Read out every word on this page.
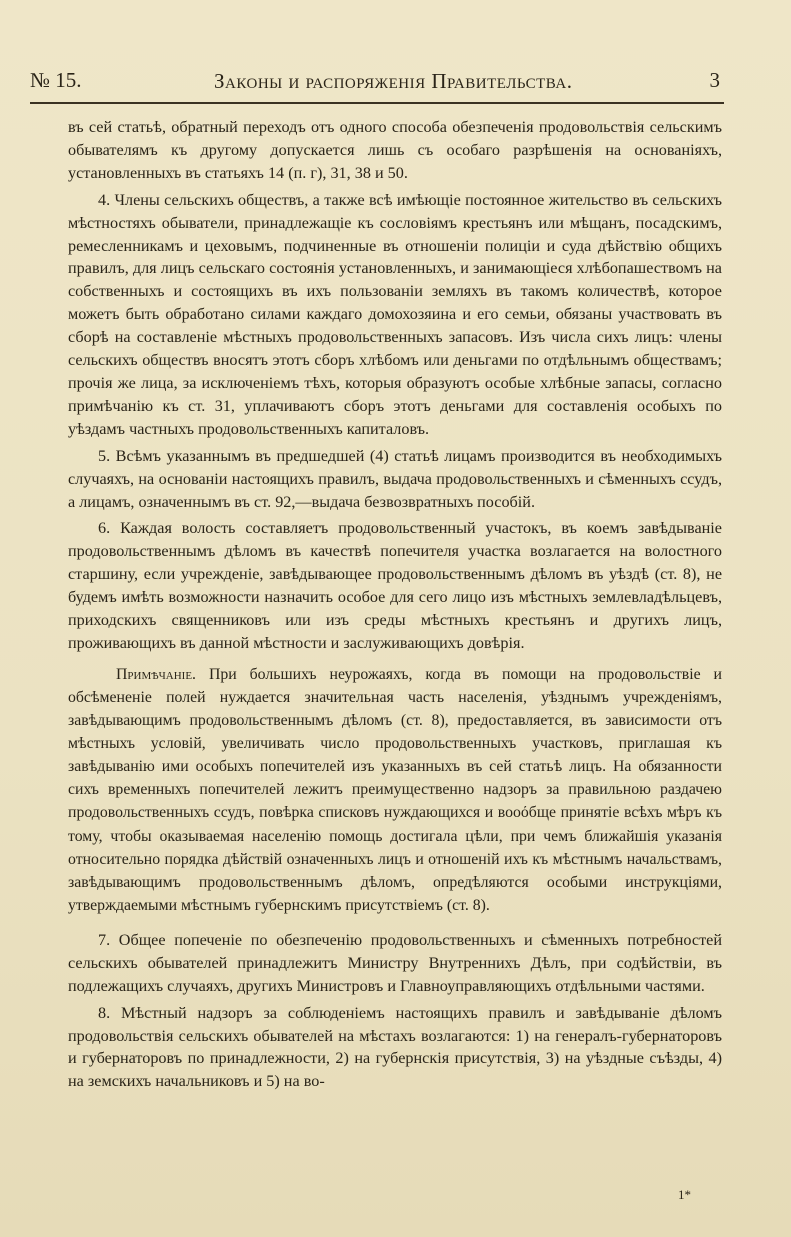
№ 15.	Законы и распоряженія Правительства.	3

въ сей статьѣ, обратный переходъ отъ одного способа обезпеченія продовольствія сельскимъ обывателямъ къ другому допускается лишь съ особаго разрѣшенія на основаніяхъ, установленныхъ въ статьяхъ 14 (п. г), 31, 38 и 50.

4. Члены сельскихъ обществъ, а также всѣ имѣющіе постоянное жительство въ сельскихъ мѣстностяхъ обыватели, принадлежащіе къ сословіямъ крестьянъ или мѣщанъ, посадскимъ, ремесленникамъ и цеховымъ, подчиненные въ отношеніи полиціи и суда дѣйствію общихъ правилъ, для лицъ сельскаго состоянія установленныхъ, и занимающіеся хлѣбопашествомъ на собственныхъ и состоящихъ въ ихъ пользованіи земляхъ въ такомъ количествѣ, которое можетъ быть обработано силами каждаго домохозяина и его семьи, обязаны участвовать въ сборѣ на составленіе мѣстныхъ продовольственныхъ запасовъ. Изъ числа сихъ лицъ: члены сельскихъ обществъ вносятъ этотъ сборъ хлѣбомъ или деньгами по отдѣльнымъ обществамъ; прочія же лица, за исключеніемъ тѣхъ, которыя образуютъ особые хлѣбные запасы, согласно примѣчанію къ ст. 31, уплачиваютъ сборъ этотъ деньгами для составленія особыхъ по уѣздамъ частныхъ продовольственныхъ капиталовъ.

5. Всѣмъ указаннымъ въ предшедшей (4) статьѣ лицамъ производится въ необходимыхъ случаяхъ, на основаніи настоящихъ правилъ, выдача продовольственныхъ и сѣменныхъ ссудъ, а лицамъ, означеннымъ въ ст. 92,—выдача безвозвратныхъ пособій.

6. Каждая волость составляетъ продовольственный участокъ, въ коемъ завѣдываніе продовольственнымъ дѣломъ въ качествѣ попечителя участка возлагается на волостного старшину, если учрежденіе, завѣдывающее продовольственнымъ дѣломъ въ уѣздѣ (ст. 8), не будемъ имѣть возможности назначить особое для сего лицо изъ мѣстныхъ землевладѣльцевъ, приходскихъ священниковъ или изъ среды мѣстныхъ крестьянъ и другихъ лицъ, проживающихъ въ данной мѣстности и заслуживающихъ довѣрія.

Примѣчаніе. При большихъ неурожаяхъ, когда въ помощи на продовольствіе и обсѣмененіе полей нуждается значительная часть населенія, уѣзднымъ учрежденіямъ, завѣдывающимъ продовольственнымъ дѣломъ (ст. 8), предоставляется, въ зависимости отъ мѣстныхъ условій, увеличивать число продовольственныхъ участковъ, приглашая къ завѣдыванію ими особыхъ попечителей изъ указанныхъ въ сей статьѣ лицъ. На обязанности сихъ временныхъ попечителей лежитъ преимущественно надзоръ за правильною раздачею продовольственныхъ ссудъ, повѣрка списковъ нуждающихся и вооόбще принятіе всѣхъ мѣръ къ тому, чтобы оказываемая населенію помощь достигала цѣли, при чемъ ближайшія указанія относительно порядка дѣйствій означенныхъ лицъ и отношеній ихъ къ мѣстнымъ начальствамъ, завѣдывающимъ продовольственнымъ дѣломъ, опредѣляются особыми инструкціями, утверждаемыми мѣстнымъ губернскимъ присутствіемъ (ст. 8).

7. Общее попеченіе по обезпеченію продовольственныхъ и сѣменныхъ потребностей сельскихъ обывателей принадлежитъ Министру Внутреннихъ Дѣлъ, при содѣйствіи, въ подлежащихъ случаяхъ, другихъ Министровъ и Главноуправляющихъ отдѣльными частями.

8. Мѣстный надзоръ за соблюденіемъ настоящихъ правилъ и завѣдываніе дѣломъ продовольствія сельскихъ обывателей на мѣстахъ возлагаются: 1) на генералъ-губернаторовъ и губернаторовъ по принадлежности, 2) на губернскія присутствія, 3) на уѣздные съѣзды, 4) на земскихъ начальниковъ и 5) на во-

1*
